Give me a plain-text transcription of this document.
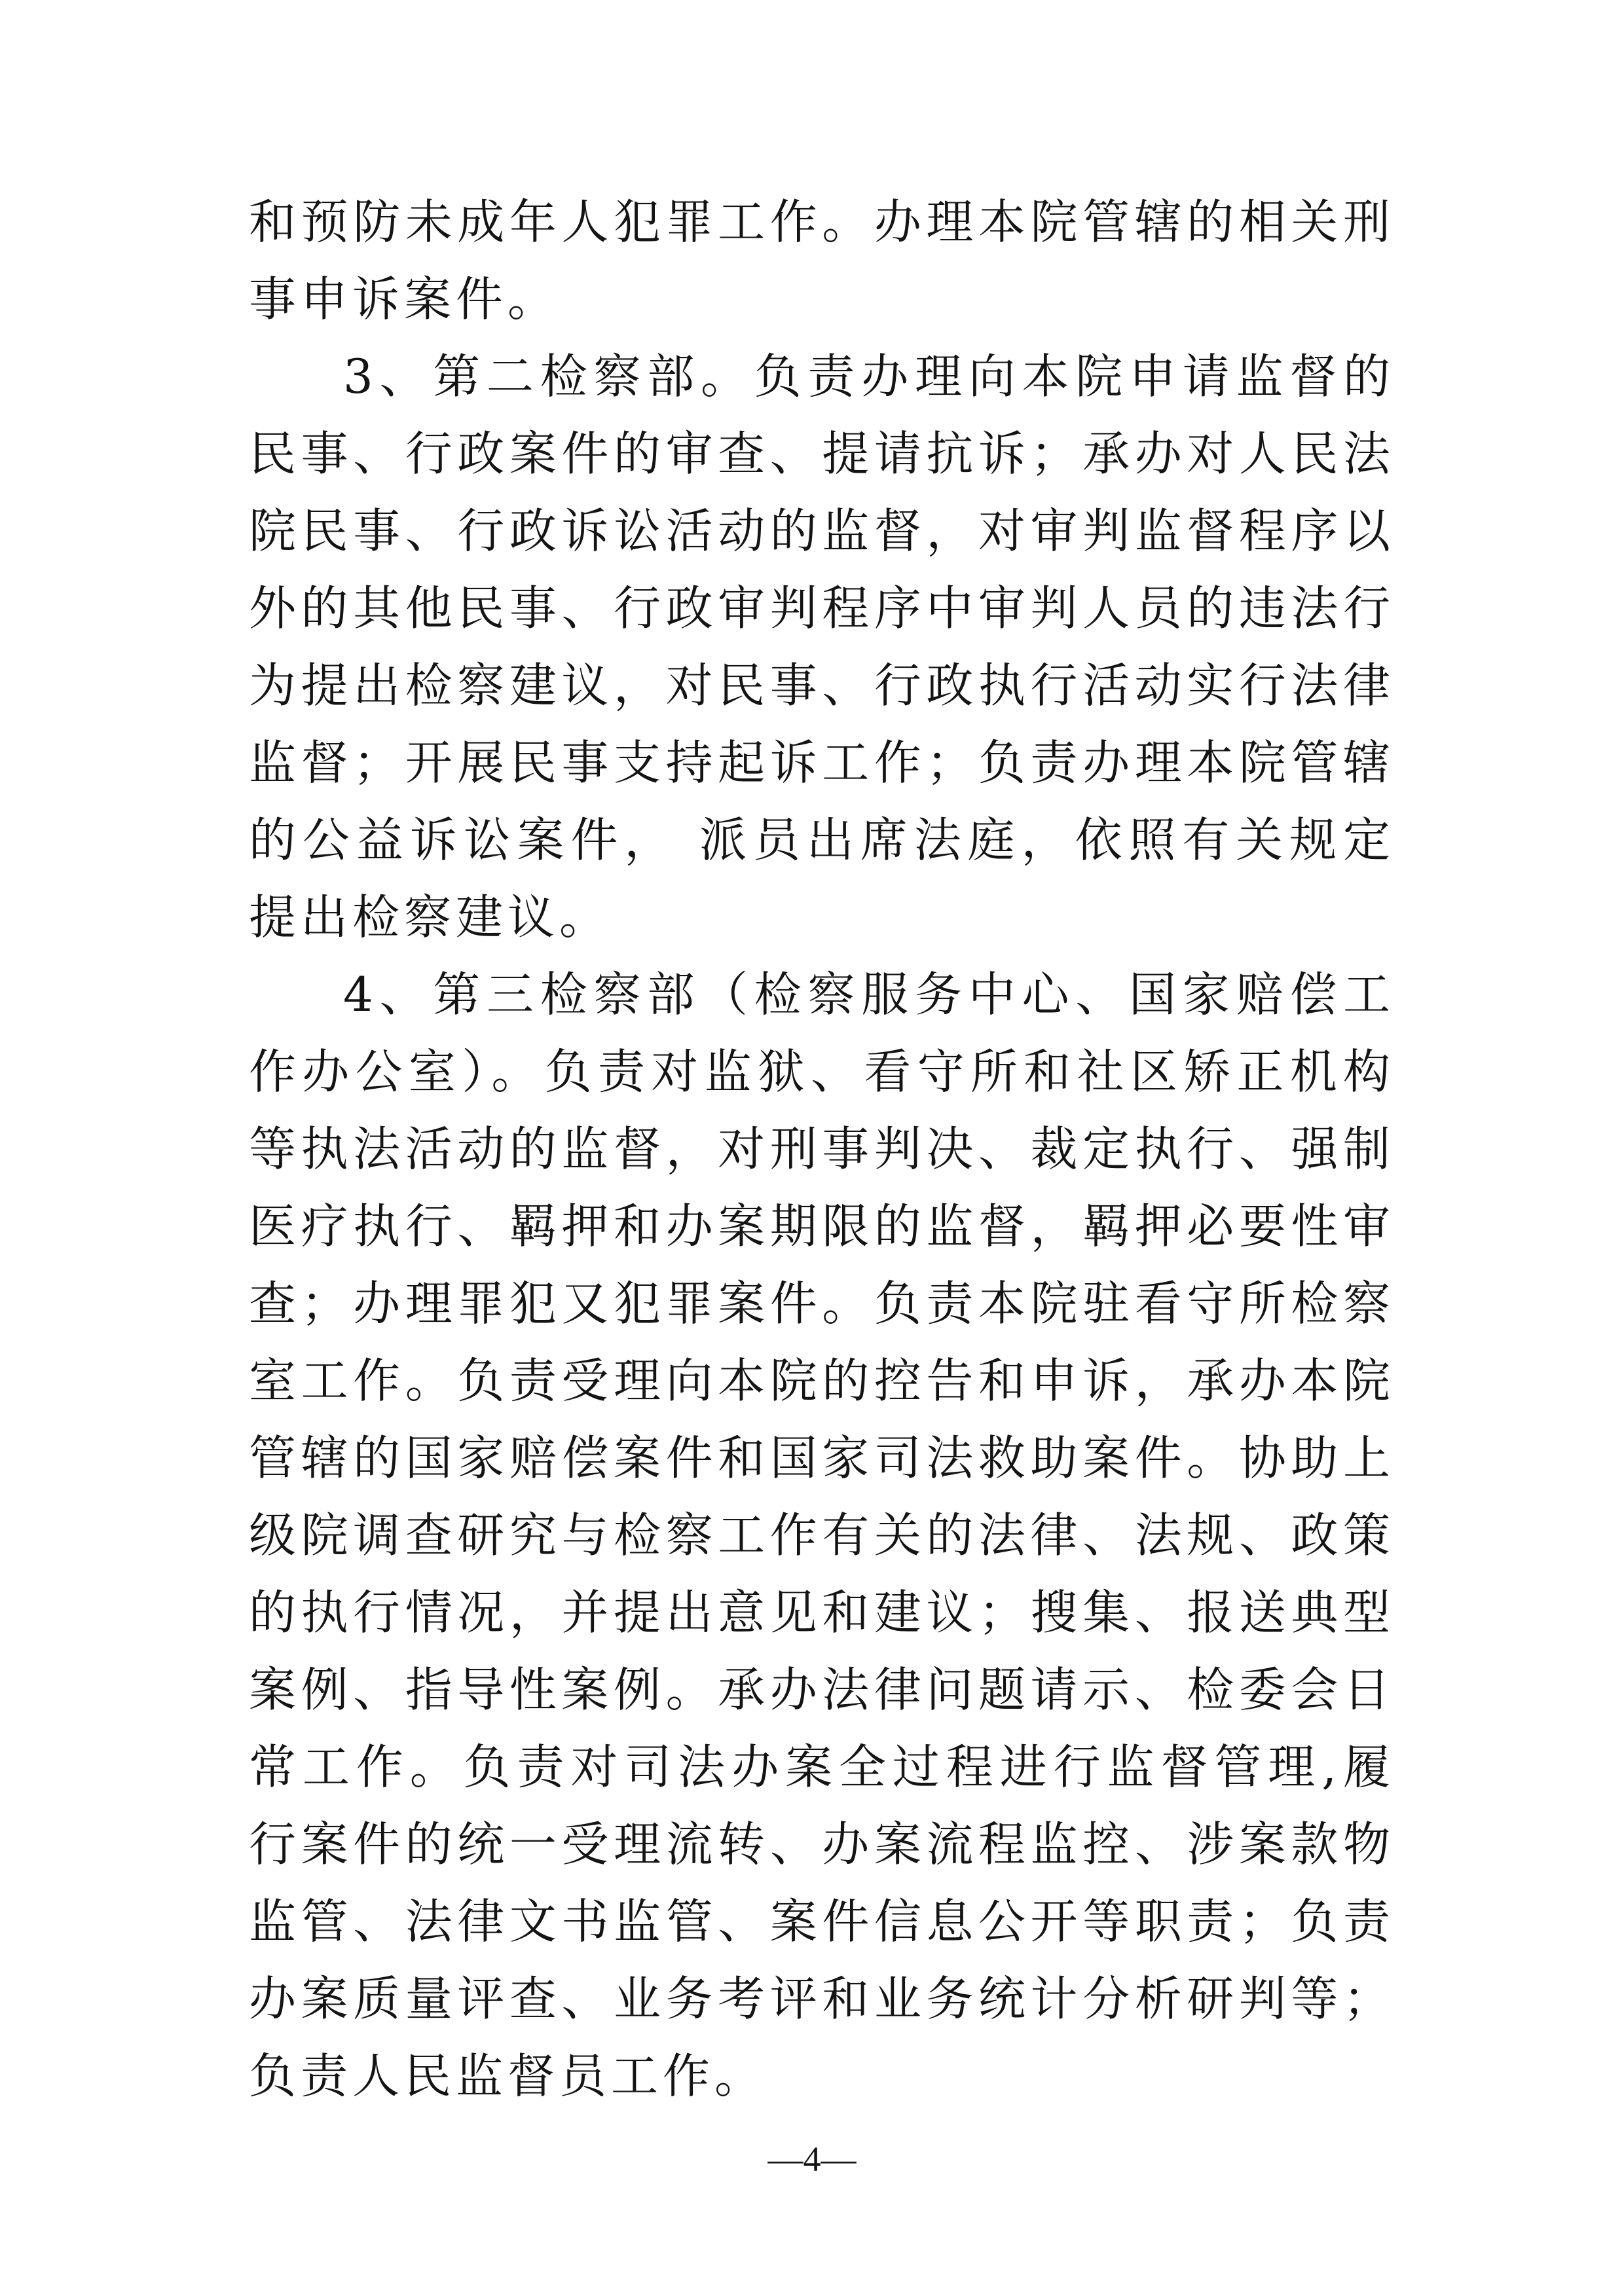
和预防未成年人犯罪工作。办理本院管辖的相关刑事申诉案件。

3、第二检察部。负责办理向本院申请监督的民事、行政案件的审查、提请抗诉；承办对人民法院民事、行政诉讼活动的监督，对审判监督程序以外的其他民事、行政审判程序中审判人员的违法行为提出检察建议，对民事、行政执行活动实行法律监督；开展民事支持起诉工作；负责办理本院管辖的公益诉讼案件， 派员出席法庭，依照有关规定提出检察建议。

4、第三检察部（检察服务中心、国家赔偿工作办公室）。负责对监狱、看守所和社区矫正机构等执法活动的监督，对刑事判决、裁定执行、强制医疗执行、羁押和办案期限的监督，羁押必要性审查；办理罪犯又犯罪案件。负责本院驻看守所检察室工作。负责受理向本院的控告和申诉，承办本院管辖的国家赔偿案件和国家司法救助案件。协助上级院调查研究与检察工作有关的法律、法规、政策的执行情况，并提出意见和建议；搜集、报送典型案例、指导性案例。承办法律问题请示、检委会日常工作。负责对司法办案全过程进行监督管理,履行案件的统一受理流转、办案流程监控、涉案款物监管、法律文书监管、案件信息公开等职责；负责办案质量评查、业务考评和业务统计分析研判等；负责人民监督员工作。

—4—
